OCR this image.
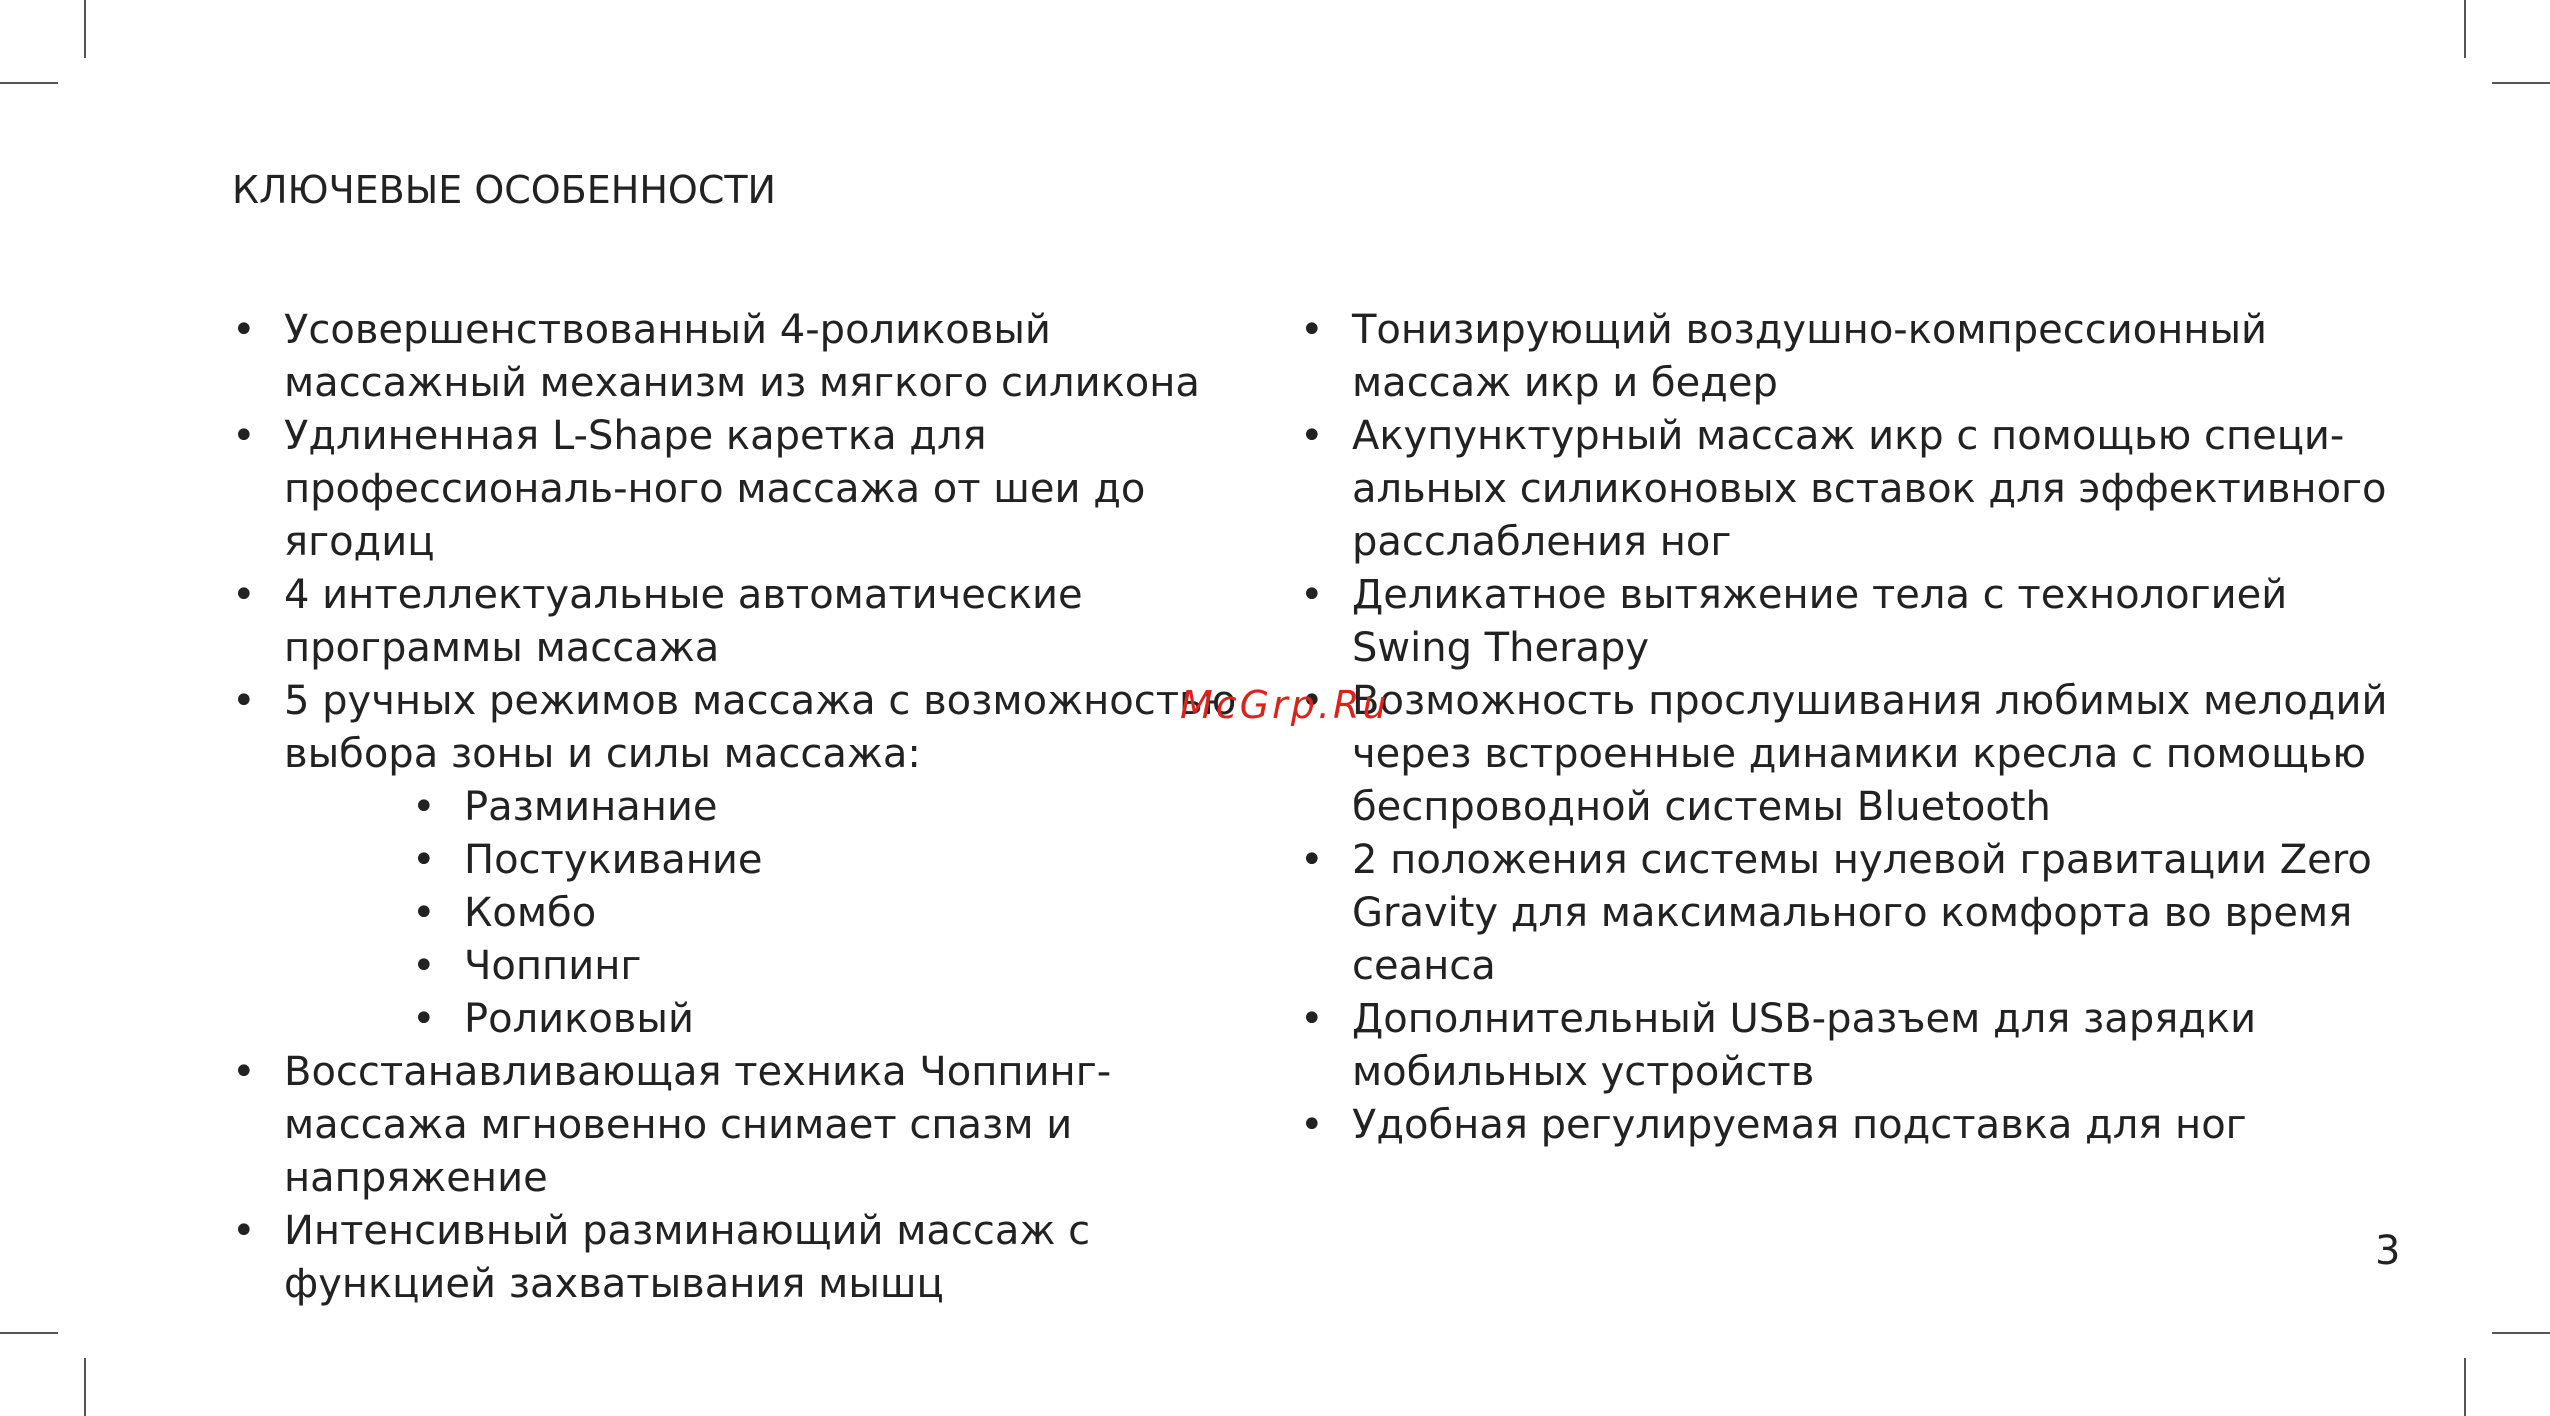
КЛЮЧЕВЫЕ ОСОБЕННОСТИ
• Усовершенствованный 4-роликовый массажный механизм из мягкого силикона
• Удлиненная L-Shape каретка для профессиональ-ного массажа от шеи до ягодиц
• 4 интеллектуальные автоматические программы массажа
• 5 ручных режимов массажа с возможностью выбора зоны и силы массажа:
• Разминание
• Постукивание
• Комбо
• Чоппинг
• Роликовый
• Восстанавливающая техника Чоппинг-массажа мгновенно снимает спазм и напряжение
• Интенсивный разминающий массаж с функцией захватывания мышц
• Тонизирующий воздушно-компрессионный массаж икр и бедер
• Акупунктурный массаж икр с помощью специ-альных силиконовых вставок для эффективного расслабления ног
• Деликатное вытяжение тела с технологией Swing Therapy
• Возможность прослушивания любимых мелодий через встроенные динамики кресла с помощью беспроводной системы Bluetooth
• 2 положения системы нулевой гравитации Zero Gravity для максимального комфорта во время сеанса
• Дополнительный USB-разъем для зарядки мобильных устройств
• Удобная регулируемая подставка для ног
McGrp.Ru
3
